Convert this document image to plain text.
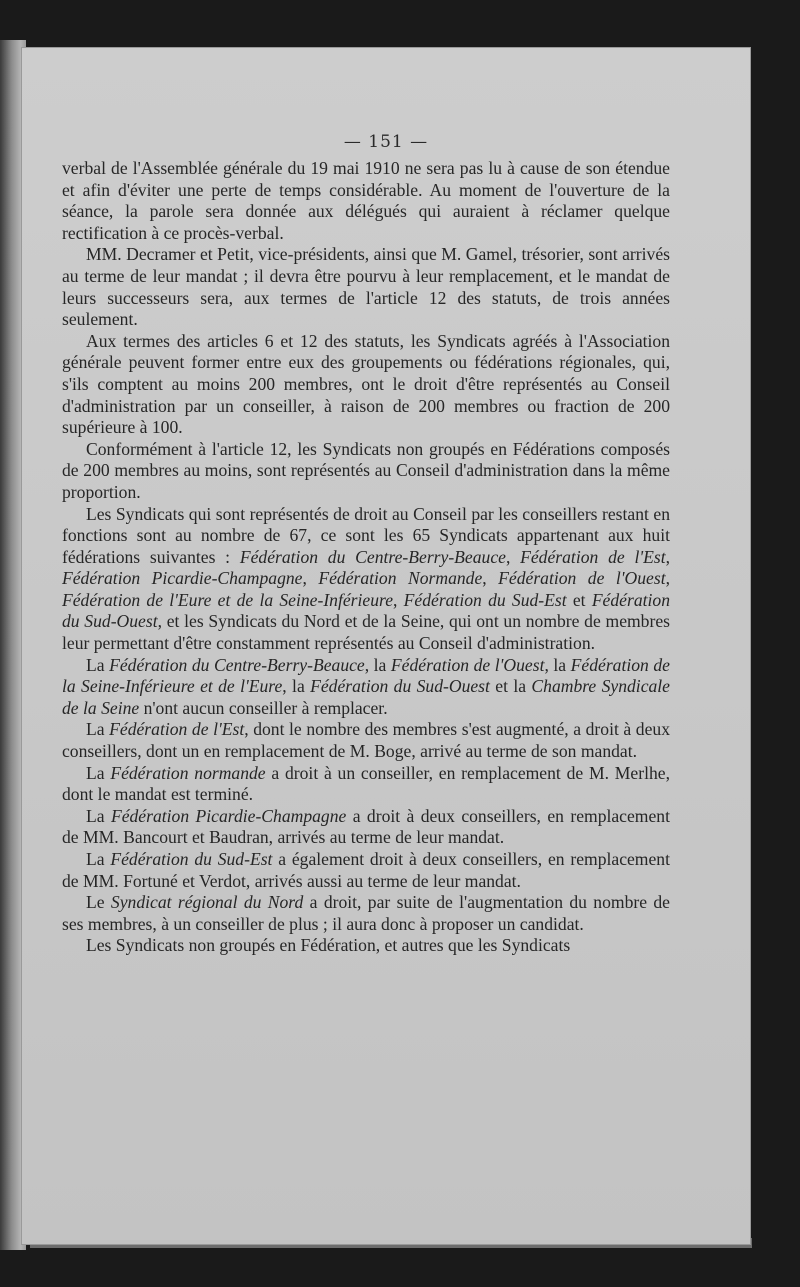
— 151 —

verbal de l'Assemblée générale du 19 mai 1910 ne sera pas lu à cause de son étendue et afin d'éviter une perte de temps considérable. Au moment de l'ouverture de la séance, la parole sera donnée aux délégués qui auraient à réclamer quelque rectification à ce procès-verbal.

MM. Decramer et Petit, vice-présidents, ainsi que M. Gamel, trésorier, sont arrivés au terme de leur mandat ; il devra être pourvu à leur remplacement, et le mandat de leurs successeurs sera, aux termes de l'article 12 des statuts, de trois années seulement.

Aux termes des articles 6 et 12 des statuts, les Syndicats agréés à l'Association générale peuvent former entre eux des groupements ou fédérations régionales, qui, s'ils comptent au moins 200 membres, ont le droit d'être représentés au Conseil d'administration par un conseiller, à raison de 200 membres ou fraction de 200 supérieure à 100.

Conformément à l'article 12, les Syndicats non groupés en Fédérations composés de 200 membres au moins, sont représentés au Conseil d'administration dans la même proportion.

Les Syndicats qui sont représentés de droit au Conseil par les conseillers restant en fonctions sont au nombre de 67, ce sont les 65 Syndicats appartenant aux huit fédérations suivantes : Fédération du Centre-Berry-Beauce, Fédération de l'Est, Fédération Picardie-Champagne, Fédération Normande, Fédération de l'Ouest, Fédération de l'Eure et de la Seine-Inférieure, Fédération du Sud-Est et Fédération du Sud-Ouest, et les Syndicats du Nord et de la Seine, qui ont un nombre de membres leur permettant d'être constamment représentés au Conseil d'administration.

La Fédération du Centre-Berry-Beauce, la Fédération de l'Ouest, la Fédération de la Seine-Inférieure et de l'Eure, la Fédération du Sud-Ouest et la Chambre Syndicale de la Seine n'ont aucun conseiller à remplacer.

La Fédération de l'Est, dont le nombre des membres s'est augmenté, a droit à deux conseillers, dont un en remplacement de M. Boge, arrivé au terme de son mandat.

La Fédération normande a droit à un conseiller, en remplacement de M. Merlhe, dont le mandat est terminé.

La Fédération Picardie-Champagne a droit à deux conseillers, en remplacement de MM. Bancourt et Baudran, arrivés au terme de leur mandat.

La Fédération du Sud-Est a également droit à deux conseillers, en remplacement de MM. Fortuné et Verdot, arrivés aussi au terme de leur mandat.

Le Syndicat régional du Nord a droit, par suite de l'augmentation du nombre de ses membres, à un conseiller de plus ; il aura donc à proposer un candidat.

Les Syndicats non groupés en Fédération, et autres que les Syndicats
